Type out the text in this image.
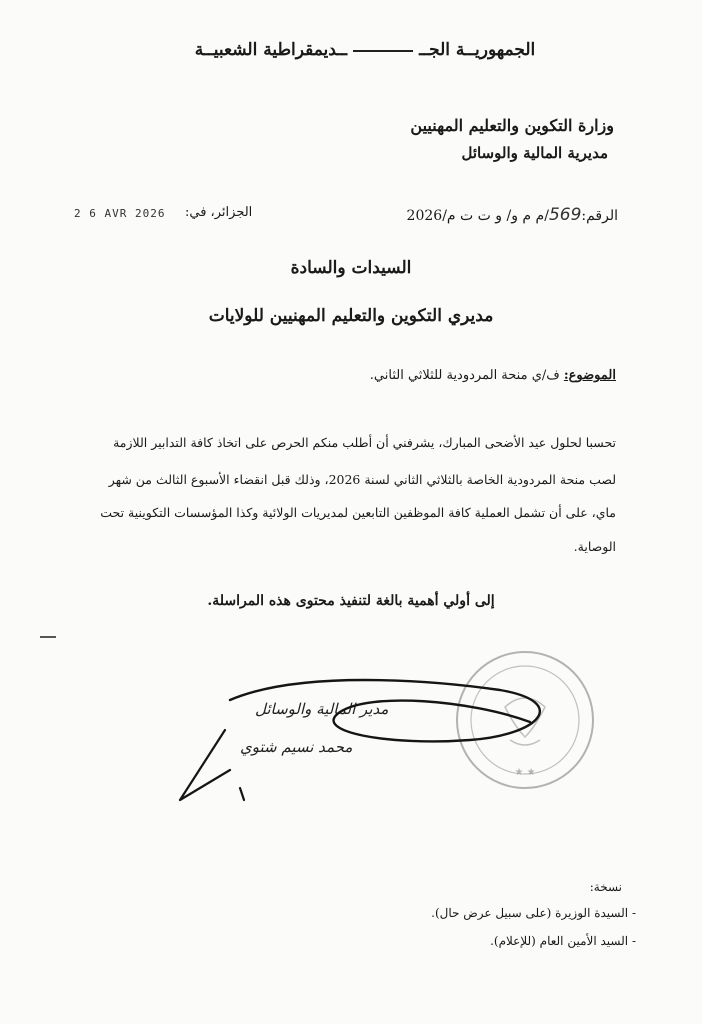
الجمهوريــة الجــــديمقراطية الشعبيــة
وزارة التكوين والتعليم المهنيين
مديرية المالية والوسائل
الرقم:569/م م و/ و ت ت م/2026
الجزائر، في:
2 6 AVR 2026
السيدات والسادة
مديري التكوين والتعليم المهنيين للولايات
الموضوع: ف/ي منحة المردودية للثلاثي الثاني.
تحسبا لحلول عيد الأضحى المبارك، يشرفني أن أطلب منكم الحرص على اتخاذ كافة التدابير اللازمة
لصب منحة المردودية الخاصة بالثلاثي الثاني لسنة 2026، وذلك قبل انقضاء الأسبوع الثالث من شهر
ماي، على أن تشمل العملية كافة الموظفين التابعين لمديريات الولائية وكذا المؤسسات التكوينية تحت
الوصاية.
إلى أولي أهمية بالغة لتنفيذ محتوى هذه المراسلة.
★ ★
مدير المالية والوسائل
محمد نسيم شتوي
نسخة:
- السيدة الوزيرة (على سبيل عرض حال).
- السيد الأمين العام (للإعلام).
